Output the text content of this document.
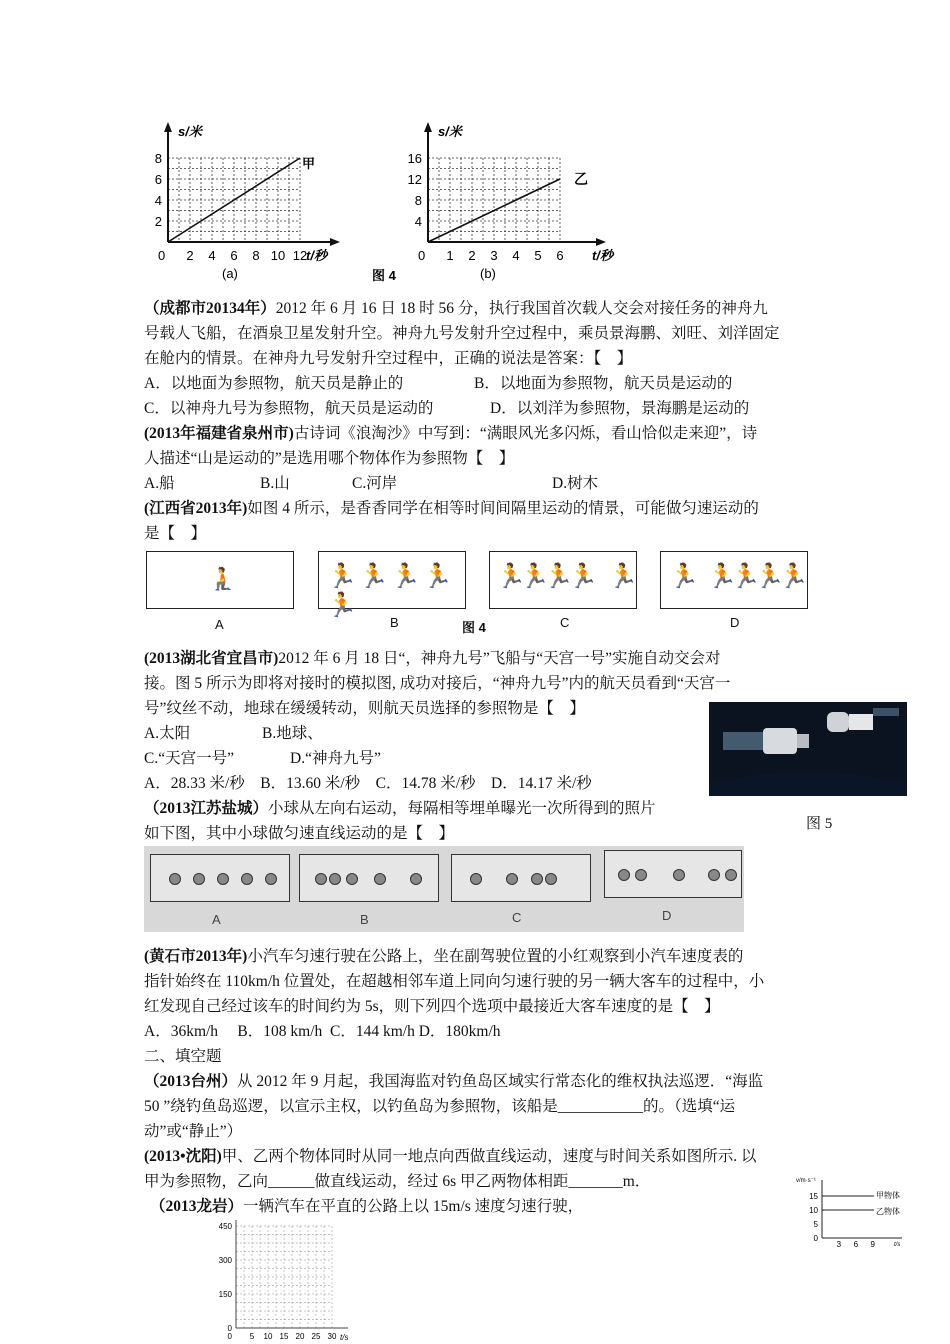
s/米
甲
t/秒
0
8
6
4
2
2 4 6 8 10 12
(a)
s/米
乙
t/秒
0
16
12
8
4
1 2 3 4 5 6
(b)
图 4
（成都市20134年）2012 年 6 月 16 日 18 时 56 分，执行我国首次载人交会对接任务的神舟九
号载人飞船，在酒泉卫星发射升空。神舟九号发射升空过程中，乘员景海鹏、刘旺、刘洋固定
在舱内的情景。在神舟九号发射升空过程中，正确的说法是答案：【　】
A．以地面为参照物，航天员是静止的	B．以地面为参照物，航天员是运动的
C．以神舟九号为参照物，航天员是运动的	D．以刘洋为参照物，景海鹏是运动的
(2013年福建省泉州市)古诗词《浪淘沙》中写到：“满眼风光多闪烁，看山恰似走来迎”，诗
人描述“山是运动的”是选用哪个物体作为参照物【　】
A.船	B.山	C.河岸	D.树木
(江西省2013年)如图 4 所示，是香香同学在相等时间间隔里运动的情景，可能做匀速运动的
是【　】
🧎	🏃🏃🏃🏃🏃
🏃🏃🏃 🏃 🏃 🏃 🏃🏃🏃🏃
A	B	图 4	C	D
(2013湖北省宜昌市)2012 年 6 月 18 日“，神舟九号”飞船与“天宫一号”实施自动交会对
接。图 5 所示为即将对接时的模拟图, 成功对接后，“神舟九号”内的航天员看到“天宫一
号”纹丝不动，地球在缓缓转动，则航天员选择的参照物是【　】
A.太阳	B.地球、
C.“天宫一号”	D.“神舟九号”
A．28.33 米/秒　B．13.60 米/秒　C．14.78 米/秒　D．14.17 米/秒
图 5
（2013江苏盐城）小球从左向右运动，每隔相等埋单曝光一次所得到的照片
如下图，其中小球做匀速直线运动的是【　】
A	B	C	D
(黄石市2013年)小汽车匀速行驶在公路上，坐在副驾驶位置的小红观察到小汽车速度表的
指针始终在 110km/h 位置处，在超越相邻车道上同向匀速行驶的另一辆大客车的过程中，小
红发现自己经过该车的时间约为 5s，则下列四个选项中最接近大客车速度的是【　】
A．36km/h　 B．108 km/h  C．144 km/h D．180km/h
二、填空题
（2013台州）从 2012 年 9 月起，我国海监对钓鱼岛区域实行常态化的维权执法巡逻．“海监
50 ”绕钓鱼岛巡逻，以宣示主权，以钓鱼岛为参照物，该船是___________的。（选填“运
动”或“静止”）
(2013•沈阳)甲、乙两个物体同时从同一地点向西做直线运动，速度与时间关系如图所示. 以
甲为参照物，乙向______做直线运动，经过 6s 甲乙两物体相距_______m．	v/m·s⁻¹
15
10
5
0
3 6 9
甲物体
乙物体
t/s
（2013龙岩）一辆汽车在平直的公路上以 15m/s 速度匀速行驶，
450
300
150
0
5 10 15 20 25 30
0	t/s
